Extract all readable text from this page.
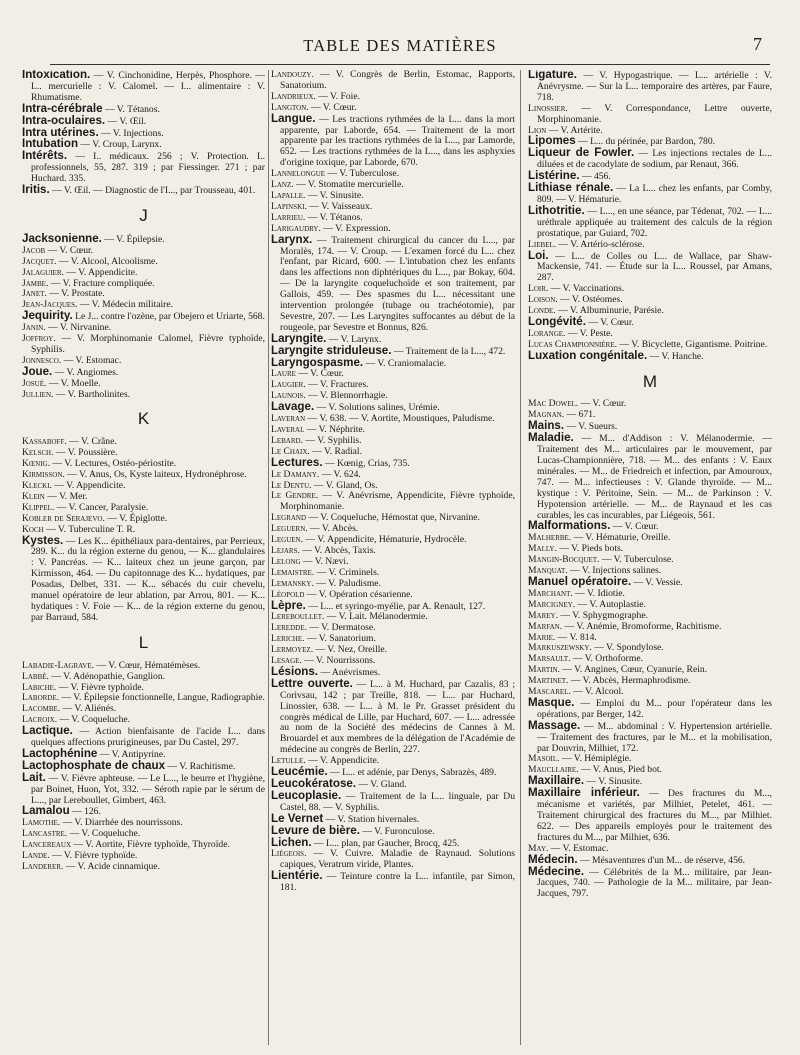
TABLE DES MATIÈRES	7
Intoxication. — V. Cinchonidine, Herpès, Phosphore. — L.. mercurielle : V. Calomel. — I... alimentaire : V. Rhumatisme.
Intra-cérébrale — V. Tétanos.
Intra-oculaires. — V. Œil.
Intra utérines. — V. Injections.
Intubation — V. Croup, Larynx.
Intérêts. — I.. médicaux. 256 ; V. Protection. I.. professionnels, 55, 287. 319 ; par Fiessinger. 271 ; par Huchard. 335.
Iritis. — V. Œil. — Diagnostic de l'I..., par Trousseau, 401.
J
Jacksonienne. — V. Épilepsie.
Jacob — V. Cœur.
Jacquet. — V. Alcool, Alcoolisme.
Jalaguier. — V. Appendicite.
Jambe. — V. Fracture compliquée.
Janet. — V. Prostate.
Jean-Jacques. — V. Médecin militaire.
Jequirity. Le J... contre l'ozène, par Obejero et Uriarte, 568.
Janin. — V. Nirvanine.
Joffroy. — V. Morphinomanie Calomel, Fièvre typhoïde, Syphilis.
Jonnesco. — V. Estomac.
Joue. — V. Angiomes.
Josué. — V. Moelle.
Jullien. — V. Bartholinites.
K
Kassaboff. — V. Crâne.
Kelsch. — V. Poussière.
Kœnig. — V. Lectures, Ostéo-périostite.
Kirmisson. — V. Anus, Os, Kyste laiteux, Hydronéphrose.
Klecki. — V. Appendicite.
Klein — V. Mer.
Klippel. — V. Cancer, Paralysie.
Kobler de Serajevo. — V. Épiglotte.
Koch — V. Tuberculine T. R.
Kystes. — Les K... épithéliaux para-dentaires, par Perrieux, 289. K... du la région externe du genou, — K... glandulaires : V. Pancréas. — K... laiteux chez un jeune garçon, par Kirmisson, 464. — Du capitonnage des K... hydatiques, par Posadas, Delbet, 331. — K... sébacés du cuir chevelu, manuel opératoire de leur ablation, par Arrou, 801. — K... hydatiques : V. Foie — K... de la région externe du genou, par Barraud, 584.
L
Labadie-Lagrave. — V. Cœur, Hématémèses.
Labbé. — V. Adénopathie, Ganglion.
Labiche. — V. Fièvre typhoïde.
Laborde. — V. Épilepsie fonctionnelle, Langue, Radiographie.
Lacombe. — V. Aliénés.
Lacroix. — V. Coqueluche.
Lactique. — Action bienfaisante de l'acide L... dans quelques affections prurigineuses, par Du Castel, 297.
Lactophénine — V. Antipyrine.
Lactophosphate de chaux — V. Rachitisme.
Lait. — V. Fièvre aphteuse. — Le L..., le beurre et l'hygiène, par Boinet, Huon, Yot, 332. — Séroth rapie par le sérum de L..., par Lereboullet, Gimbert, 463.
Lamalou — 126.
Lamothe. — V. Diarrhée des nourrissons.
Lancastre. — V. Coqueluche.
Lancereaux — V. Aortite, Fièvre typhoïde, Thyroïde.
Lande. — V. Fièvre typhoïde.
Landerer. — V. Acide cinnamique.
Landouzy. — V. Congrès de Berlin, Estomac, Rapports, Sanatorium.
Landrieux. — V. Foie.
Langton. — V. Cœur.
Langue. — Les tractions rythmées de la L... dans la mort apparente, par Laborde, 654. — Traitement de la mort apparente par les tractions rythmées de la L..., par Lamorde, 652. — Les tractions rythmées de la L..., dans les asphyxies d'origine toxique, par Laborde, 670.
Lannelongue — V. Tuberculose.
Lanz. — V. Stomatite mercurielle.
Lapalle. — V. Sinusite.
Lapinski. — V. Vaisseaux.
Larrieu. — V. Tétanos.
Larigaudry. — V. Expression.
Larynx. — Traitement chirurgical du cancer du L..., par Moralès, 174. — V. Croup. — L'examen forcé du L... chez l'enfant, par Ricard, 600. — L'intubation chez les enfants dans les affections non diphtériques du L..., par Bokay, 604. — De la laryngite coqueluchoïde et son traitement, par Gallois, 459. — Des spasmes du L... nécessitant une intervention prolongée (tubage ou trachéotomie), par Sevestre, 207. — Les Laryngites suffocantes au début de la rougeole, par Sevestre et Bonnus, 826.
Laryngite. — V. Larynx.
Laryngite striduleuse. — Traitement de la L..., 472.
Laryngospasme. — V. Craniomalacie.
Laure — V. Cœur.
Laugier. — V. Fractures.
Launois. — V. Blennorrhagie.
Lavage. — V. Solutions salines, Urémie.
Laveran — V. 638. — V. Aortite, Moustiques, Paludisme.
Laveral — V. Néphrite.
Lebard. — V. Syphilis.
Le Chaix. — V. Radial.
Lectures. — Kœnig, Crias, 735.
Le Damany. — V. 624.
Le Dentu. — V. Gland, Os.
Le Gendre. — V. Anévrisme, Appendicite, Fièvre typhoïde, Morphinomanie.
Legrand — V. Coqueluche, Hémostat que, Nirvanine.
Leguern. — V. Abcès.
Leguen. — V. Appendicite, Hématurie, Hydrocèle.
Lejars. — V. Abcès, Taxis.
Lelong — V. Nævi.
Lemaistre. — V. Criminels.
Lemansky. — V. Paludisme.
Léopold — V. Opération césarienne.
Lèpre. — L... et syringo-myélie, par A. Renault, 127.
Lereboullet. — V. Lait. Mélanodermie.
Leredde. — V. Dermatose.
Leriche. — V. Sanatorium.
Lermoyez. — V. Nez, Oreille.
Lesage. — V. Nourrissons.
Lésions. — Anévrismes.
Lettre ouverte. — L... à M. Huchard, par Cazalis, 83 ; Corivsau, 142 ; par Treille, 818. — L... par Huchard, Linossier, 638. — L... à M. le Pr. Grasset président du congrès médical de Lille, par Huchard, 607. — L... adressée au nom de la Société des médecins de Cannes à M. Brouardel et aux membres de la délégation de l'Académie de médecine au congrès de Berlin, 227.
Letulle. — V. Appendicite.
Leucémie. — L... et adénie, par Denys, Sabrazès, 489.
Leucokératose. — V. Gland.
Leucoplasie. — Traitement de la L... linguale, par Du Castel, 88. — V. Syphilis.
Le Vernet — V. Station hivernales.
Levure de bière. — V. Furonculose.
Lichen. — L... plan, par Gaucher, Brocq, 425.
Liégeois. — V. Cuivre. Maladie de Raynaud. Solutions capiques, Veratrum viride, Plantes.
Lientérie. — Teinture contre la L... infantile, par Simon, 181.
Ligature. — V. Hypogastrique. — L... artérielle : V. Anévrysme. — Sur la L... temporaire des artères, par Faure, 718.
Linossier. — V. Correspondance, Lettre ouverte, Morphinomanie.
Lion — V. Artérite.
Lipomes — L... du périnée, par Bardon, 780.
Liqueur de Fowler. — Les injections rectales de L... diluées et de cacodylate de sodium, par Renaut, 366.
Listérine. — 456.
Lithiase rénale. — La L... chez les enfants, par Comby, 809. — V. Hématurie.
Lithotritie. — L..., en une séance, par Tédenat, 702. — L... uréthrale appliquée au traitement des calculs de la région prostatique, par Guiard, 702.
Liebel. — V. Artério-sclérose.
Loi. — L... de Colles ou L... de Wallace, par Shaw-Mackensie, 741. — Étude sur la L... Roussel, par Amans, 287.
Loir. — V. Vaccinations.
Loison. — V. Ostéomes.
Londe. — V. Albuminurie, Parésie.
Longévité. — V. Cœur.
Lorange. — V. Peste.
Lucas Championnière. — V. Bicyclette, Gigantisme. Poitrine.
Luxation congénitale. — V. Hanche.
M
Mac Dowel. — V. Cœur.
Magnan. — 671.
Mains. — V. Sueurs.
Maladie. — M... d'Addison : V. Mélanodermie. — Traitement des M... articulaires par le mouvement, par Lucas-Championnière, 718. — M... des enfants : V. Eaux minérales. — M... de Friedreich et infection, par Amouroux, 747. — M... infectieuses : V. Glande thyroïde. — M... kystique : V. Péritoine, Sein. — M... de Parkinson : V. Hypotension artérielle. — M... de Raynaud et les cas curables, les cas incurables, par Liégeois, 561.
Malformations. — V. Cœur.
Malherbe. — V. Hématurie, Oreille.
Mally. — V. Pieds bots.
Mangin-Bocquet. — V. Tuberculose.
Manquat. — V. Injections salines.
Manuel opératoire. — V. Vessie.
Marchant. — V. Idiotie.
Marcigney. — V. Autoplastie.
Marey. — V. Sphygmographe.
Marfan. — V. Anémie, Bromoforme, Rachitisme.
Marie. — V. 814.
Markuszewsky. — V. Spondylose.
Marsault. — V. Orthoforme.
Martin. — V. Angines, Cœur, Cyanurie, Rein.
Martinet. — V. Abcès, Hermaphrodisme.
Mascarel. — V. Alcool.
Masque. — Emploi du M... pour l'opérateur dans les opérations, par Berger, 142.
Massage. — M... abdominal : V. Hypertension artérielle. — Traitement des fractures, par le M... et la mobilisation, par Douvrin, Milhiet, 172.
Masoil. — V. Hémiplégie.
Maucllaire. — V. Anus, Pied bot.
Maxillaire. — V. Sinusite.
Maxillaire inférieur. — Des fractures du M..., mécanisme et variétés, par Milhiet, Petelet, 461. — Traitement chirurgical des fractures du M..., par Milhiet. 622. — Des appareils employés pour le traitement des fractures du M..., par Milhiet, 636.
May. — V. Estomac.
Médecin. — Mésaventures d'un M... de réserve, 456.
Médecine. — Célébrités de la M... militaire, par Jean-Jacques, 740. — Pathologie de la M... militaire, par Jean-Jacques, 797.
